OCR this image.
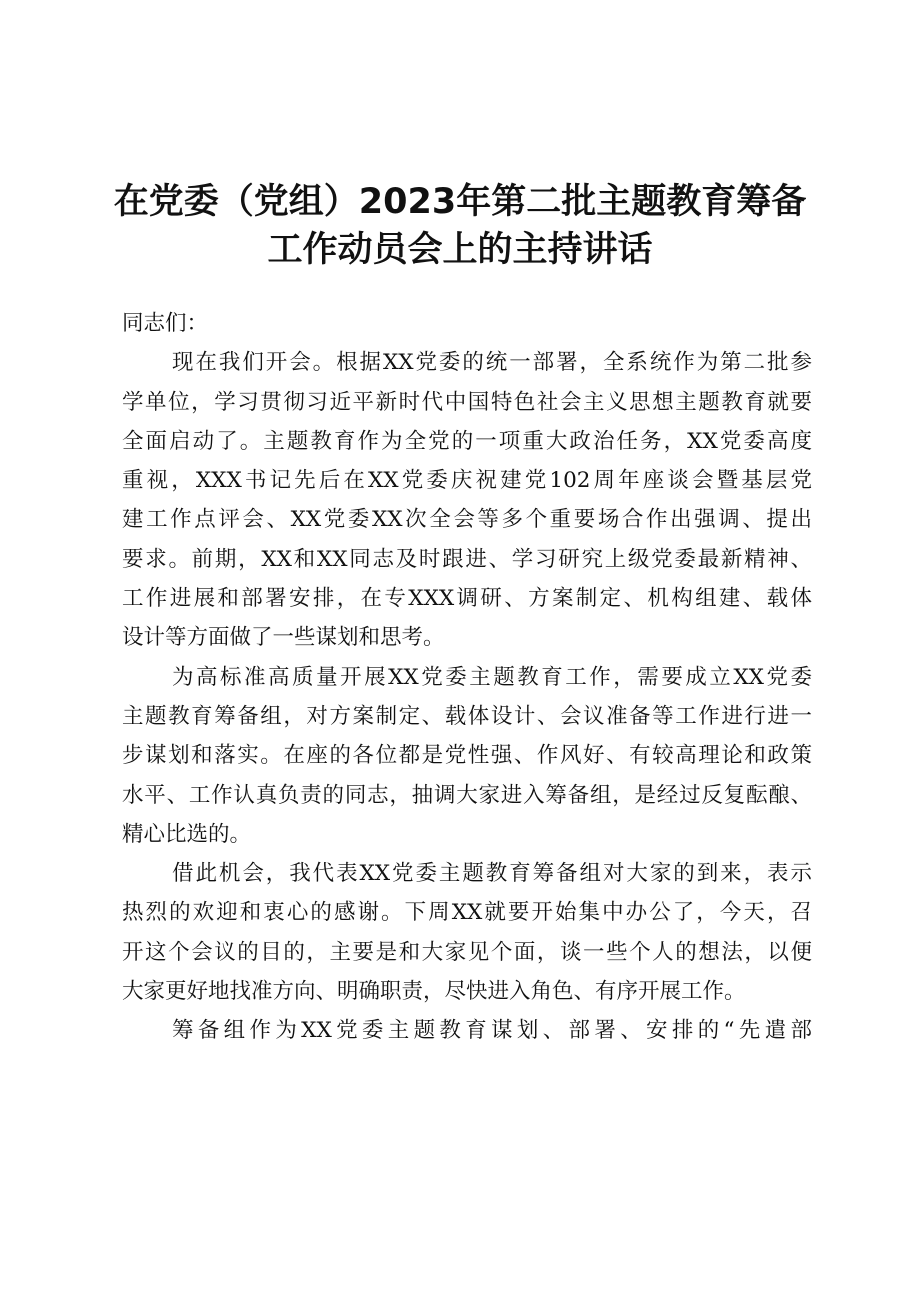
在党委（党组）2023年第二批主题教育筹备
工作动员会上的主持讲话
同志们：
现在我们开会。根据XX党委的统一部署，全系统作为第二批参
学单位，学习贯彻习近平新时代中国特色社会主义思想主题教育就要
全面启动了。主题教育作为全党的一项重大政治任务，XX党委高度
重视，XXX书记先后在XX党委庆祝建党102周年座谈会暨基层党
建工作点评会、XX党委XX次全会等多个重要场合作出强调、提出
要求。前期，XX和XX同志及时跟进、学习研究上级党委最新精神、
工作进展和部署安排，在专XXX调研、方案制定、机构组建、载体
设计等方面做了一些谋划和思考。
为高标准高质量开展XX党委主题教育工作，需要成立XX党委
主题教育筹备组，对方案制定、载体设计、会议准备等工作进行进一
步谋划和落实。在座的各位都是党性强、作风好、有较高理论和政策
水平、工作认真负责的同志，抽调大家进入筹备组，是经过反复酝酿、
精心比选的。
借此机会，我代表XX党委主题教育筹备组对大家的到来，表示
热烈的欢迎和衷心的感谢。下周XX就要开始集中办公了，今天，召
开这个会议的目的，主要是和大家见个面，谈一些个人的想法，以便
大家更好地找准方向、明确职责，尽快进入角色、有序开展工作。
筹备组作为XX党委主题教育谋划、部署、安排的“先遣部
